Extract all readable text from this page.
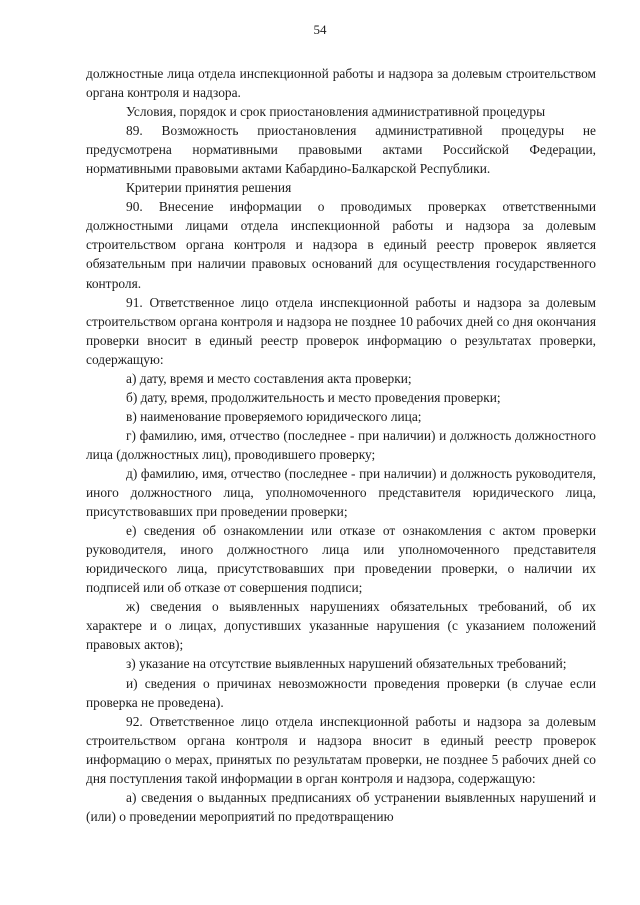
54

должностные лица отдела инспекционной работы и надзора за долевым строительством органа контроля и надзора.

Условия, порядок и срок приостановления административной процедуры

89. Возможность приостановления административной процедуры не предусмотрена нормативными правовыми актами Российской Федерации, нормативными правовыми актами Кабардино-Балкарской Республики.

Критерии принятия решения

90. Внесение информации о проводимых проверках ответственными должностными лицами отдела инспекционной работы и надзора за долевым строительством органа контроля и надзора в единый реестр проверок является обязательным при наличии правовых оснований для осуществления государственного контроля.

91. Ответственное лицо отдела инспекционной работы и надзора за долевым строительством органа контроля и надзора не позднее 10 рабочих дней со дня окончания проверки вносит в единый реестр проверок информацию о результатах проверки, содержащую:

а) дату, время и место составления акта проверки;

б) дату, время, продолжительность и место проведения проверки;

в) наименование проверяемого юридического лица;

г) фамилию, имя, отчество (последнее - при наличии) и должность должностного лица (должностных лиц), проводившего проверку;

д) фамилию, имя, отчество (последнее - при наличии) и должность руководителя, иного должностного лица, уполномоченного представителя юридического лица, присутствовавших при проведении проверки;

е) сведения об ознакомлении или отказе от ознакомления с актом проверки руководителя, иного должностного лица или уполномоченного представителя юридического лица, присутствовавших при проведении проверки, о наличии их подписей или об отказе от совершения подписи;

ж) сведения о выявленных нарушениях обязательных требований, об их характере и о лицах, допустивших указанные нарушения (с указанием положений правовых актов);

з) указание на отсутствие выявленных нарушений обязательных требований;

и) сведения о причинах невозможности проведения проверки (в случае если проверка не проведена).

92. Ответственное лицо отдела инспекционной работы и надзора за долевым строительством органа контроля и надзора вносит в единый реестр проверок информацию о мерах, принятых по результатам проверки, не позднее 5 рабочих дней со дня поступления такой информации в орган контроля и надзора, содержащую:

а) сведения о выданных предписаниях об устранении выявленных нарушений и (или) о проведении мероприятий по предотвращению
